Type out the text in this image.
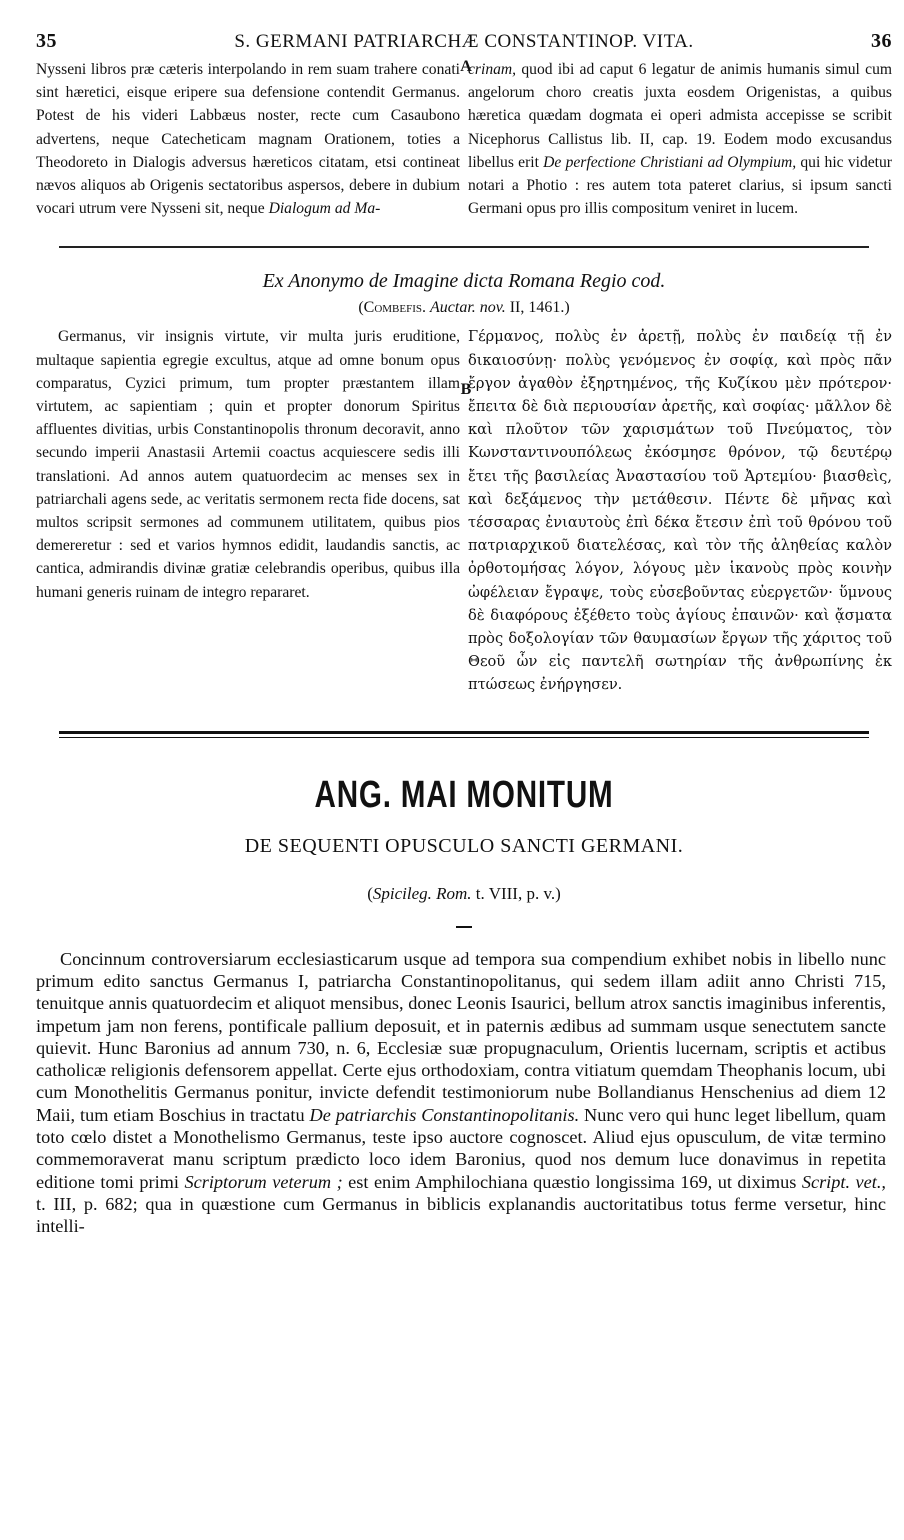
35	S. GERMANI PATRIARCHÆ CONSTANTINOP. VITA.	36

Nysseni libros præ cæteris interpolando in rem suam trahere conati sint hæretici, eisque eripere sua defensione contendit Germanus. Potest de his videri Labbæus noster, recte cum Casaubono advertens, neque Catecheticam magnam Orationem, toties a Theodoreto in Dialogis adversus hæreticos citatam, etsi contineat nævos aliquos ab Origenis sectatoribus aspersos, debere in dubium vocari utrum vere Nysseni sit, neque Dialogum ad Ma-

A

crinam, quod ibi ad caput 6 legatur de animis humanis simul cum angelorum choro creatis juxta eosdem Origenistas, a quibus hæretica quædam dogmata ei operi admista accepisse se scribit Nicephorus Callistus lib. II, cap. 19. Eodem modo excusandus libellus erit De perfectione Christiani ad Olympium, qui hic videtur notari a Photio : res autem tota pateret clarius, si ipsum sancti Germani opus pro illis compositum veniret in lucem.

Ex Anonymo de Imagine dicta Romana Regio cod.
(Combefis. Auctar. nov. II, 1461.)

Germanus, vir insignis virtute, vir multa juris eruditione, multaque sapientia egregie excultus, atque ad omne bonum opus comparatus, Cyzici primum, tum propter præstantem illam virtutem, ac sapientiam ; quin et propter donorum Spiritus affluentes divitias, urbis Constantinopolis thronum decoravit, anno secundo imperii Anastasii Artemii coactus acquiescere sedis illi translationi. Ad annos autem quatuordecim ac menses sex in patriarchali agens sede, ac veritatis sermonem recta fide docens, sat multos scripsit sermones ad communem utilitatem, quibus pios demereretur : sed et varios hymnos edidit, laudandis sanctis, ac cantica, admirandis divinæ gratiæ celebrandis operibus, quibus illa humani generis ruinam de integro repararet.

B

Γέρμανος, πολὺς ἐν ἀρετῇ, πολὺς ἐν παιδείᾳ τῇ ἐν δικαιοσύνῃ· πολὺς γενόμενος ἐν σοφίᾳ, καὶ πρὸς πᾶν ἔργον ἀγαθὸν ἐξηρτημένος, τῆς Κυζίκου μὲν πρότερον· ἔπειτα δὲ διὰ περιουσίαν ἀρετῆς, καὶ σοφίας· μᾶλλον δὲ καὶ πλοῦτον τῶν χαρισμάτων τοῦ Πνεύματος, τὸν Κωνσταντινουπόλεως ἐκόσμησε θρόνον, τῷ δευτέρῳ ἔτει τῆς βασιλείας Ἀναστασίου τοῦ Ἀρτεμίου· βιασθεὶς, καὶ δεξάμενος τὴν μετάθεσιν. Πέντε δὲ μῆνας καὶ τέσσαρας ἐνιαυτοὺς ἐπὶ δέκα ἔτεσιν ἐπὶ τοῦ θρόνου τοῦ πατριαρχικοῦ διατελέσας, καὶ τὸν τῆς ἀληθείας καλὸν ὀρθοτομήσας λόγον, λόγους μὲν ἱκανοὺς πρὸς κοινὴν ὠφέλειαν ἔγραψε, τοὺς εὐσεβοῦντας εὐεργετῶν· ὕμνους δὲ διαφόρους ἐξέθετο τοὺς ἁγίους ἐπαινῶν· καὶ ᾄσματα πρὸς δοξολογίαν τῶν θαυμασίων ἔργων τῆς χάριτος τοῦ Θεοῦ ὧν εἰς παντελῆ σωτηρίαν τῆς ἀνθρωπίνης ἐκ πτώσεως ἐνήργησεν.

ANG. MAI MONITUM
DE SEQUENTI OPUSCULO SANCTI GERMANI.
(Spicileg. Rom. t. VIII, p. v.)

Concinnum controversiarum ecclesiasticarum usque ad tempora sua compendium exhibet nobis in libello nunc primum edito sanctus Germanus I, patriarcha Constantinopolitanus, qui sedem illam adiit anno Christi 715, tenuitque annis quatuordecim et aliquot mensibus, donec Leonis Isaurici, bellum atrox sanctis imaginibus inferentis, impetum jam non ferens, pontificale pallium deposuit, et in paternis ædibus ad summam usque senectutem sancte quievit. Hunc Baronius ad annum 730, n. 6, Ecclesiæ suæ propugnaculum, Orientis lucernam, scriptis et actibus catholicæ religionis defensorem appellat. Certe ejus orthodoxiam, contra vitiatum quemdam Theophanis locum, ubi cum Monothelitis Germanus ponitur, invicte defendit testimoniorum nube Bollandianus Henschenius ad diem 12 Maii, tum etiam Boschius in tractatu De patriarchis Constantinopolitanis. Nunc vero qui hunc leget libellum, quam toto cœlo distet a Monothelismo Germanus, teste ipso auctore cognoscet. Aliud ejus opusculum, de vitæ termino commemoraverat manu scriptum prædicto loco idem Baronius, quod nos demum luce donavimus in repetita editione tomi primi Scriptorum veterum ; est enim Amphilochiana quæstio longissima 169, ut diximus Script. vet., t. III, p. 682; qua in quæstione cum Germanus in biblicis explanandis auctoritatibus totus ferme versetur, hinc intelli-
